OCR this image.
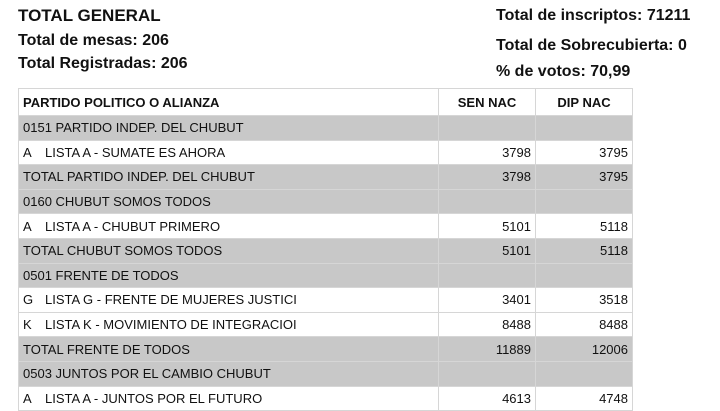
TOTAL GENERAL
Total de mesas: 206
Total Registradas: 206
Total de inscriptos: 71211
Total de Sobrecubierta: 0
% de votos: 70,99
PARTIDO POLITICO O ALIANZA	SEN NAC	DIP NAC
0151 PARTIDO INDEP. DEL CHUBUT		
A LISTA A - SUMATE ES AHORA	3798	3795
TOTAL PARTIDO INDEP. DEL CHUBUT	3798	3795
0160 CHUBUT SOMOS TODOS		
A LISTA A - CHUBUT PRIMERO	5101	5118
TOTAL CHUBUT SOMOS TODOS	5101	5118
0501 FRENTE DE TODOS		
G LISTA G - FRENTE DE MUJERES JUSTICI	3401	3518
K LISTA K - MOVIMIENTO DE INTEGRACIOI	8488	8488
TOTAL FRENTE DE TODOS	11889	12006
0503 JUNTOS POR EL CAMBIO CHUBUT		
A LISTA A - JUNTOS POR EL FUTURO	4613	4748
